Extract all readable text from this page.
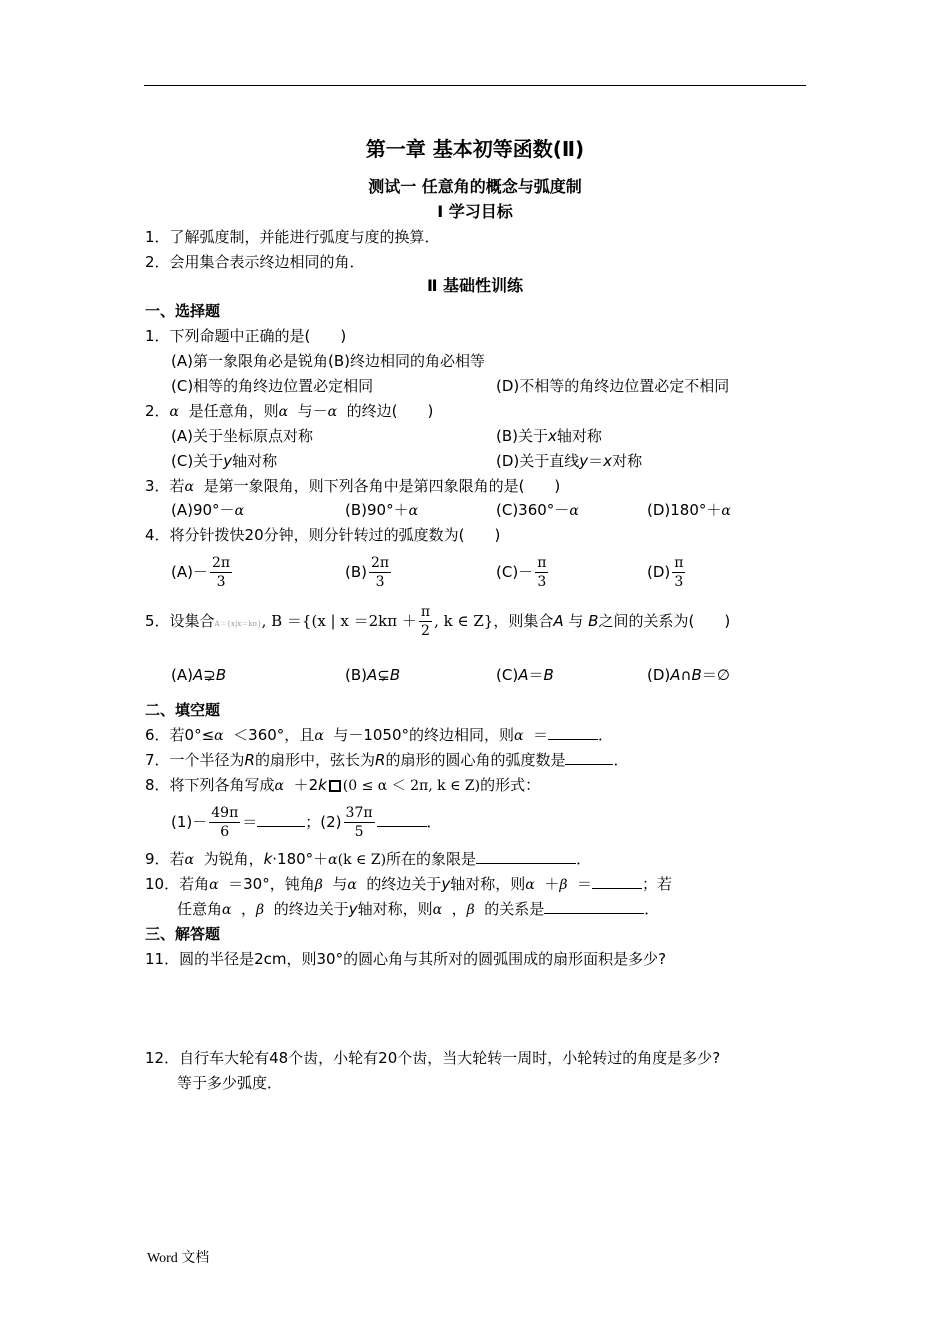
第一章 基本初等函数(Ⅱ)
测试一 任意角的概念与弧度制
Ⅰ 学习目标
1．了解弧度制，并能进行弧度与度的换算．
2．会用集合表示终边相同的角．
Ⅱ 基础性训练
一、选择题
1．下列命题中正确的是(　　)
(A)第一象限角必是锐角(B)终边相同的角必相等
(C)相等的角终边位置必定相同	(D)不相等的角终边位置必定不相同
2．α 是任意角，则α 与－α 的终边(　　)
(A)关于坐标原点对称	(B)关于x轴对称
(C)关于y轴对称	(D)关于直线y＝x对称
3．若α 是第一象限角，则下列各角中是第四象限角的是(　　)
(A)90°－α	(B)90°＋α	(C)360°－α	(D)180°＋α
4．将分针拨快20分钟，则分针转过的弧度数为(　　)
$(A)- \frac{2\pi}{3}$	$(B) \frac{2\pi}{3}$	$(C)- \frac{\pi}{3}$	$(D) \frac{\pi}{3}$
5．设集合A＝{x|x＝kπ}, B ＝{(x | $x =2k\pi + \frac{\pi}{2}$ , k ∈ Z}，则集合A 与 B之间的关系为(　　)
(A)A⊋B	(B)A⊊B	(C)A＝B	(D)A∩B＝∅
二、填空题
6．若0°≤α ＜360°，且α 与－1050°的终边相同，则α ＝	．
7．一个半径为R的扇形中，弦长为R的扇形的圆心角的弧度数是	．
8．将下列各角写成α ＋2k (0 ≤ α ＜ 2π, k ∈ Z)的形式：
$(1)- \frac{49\pi}{6}$ ＝	；$(2) \frac{37\pi}{5}$	．
9．若α 为锐角，k·180°＋α(k ∈ Z)所在的象限是	．
10．若角α ＝30°，钝角β 与α 的终边关于y轴对称，则α ＋β ＝	；若
任意角α ，β 的终边关于y轴对称，则α ，β 的关系是	．
三、解答题
11．圆的半径是2cm，则30°的圆心角与其所对的圆弧围成的扇形面积是多少?
12．自行车大轮有48个齿，小轮有20个齿，当大轮转一周时，小轮转过的角度是多少?
等于多少弧度．
Word 文档
